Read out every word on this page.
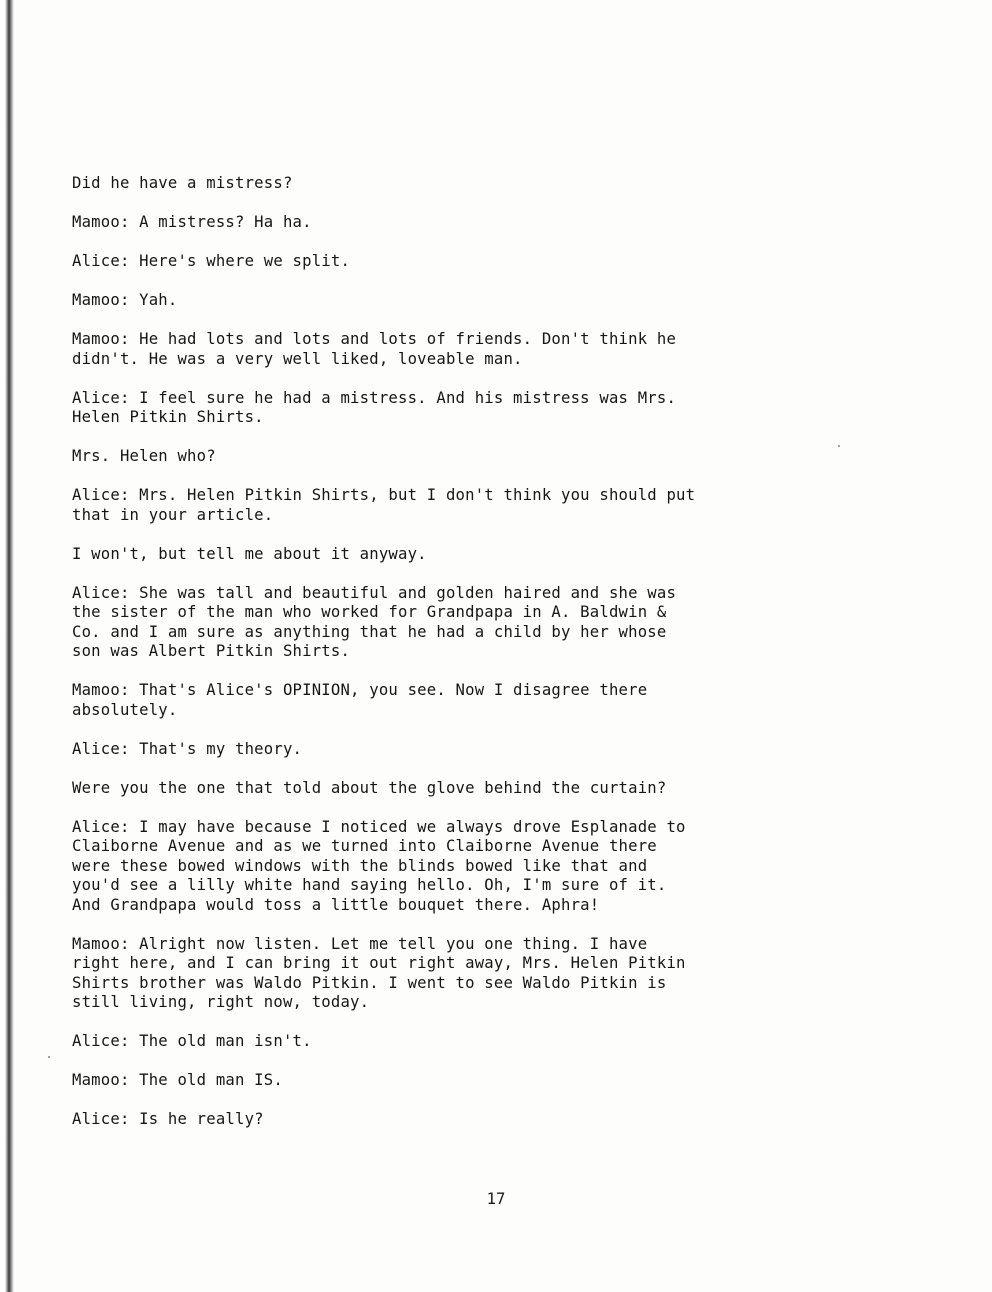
Did he have a mistress?

Mamoo: A mistress? Ha ha.

Alice: Here's where we split.

Mamoo: Yah.

Mamoo: He had lots and lots and lots of friends. Don't think he
didn't. He was a very well liked, loveable man.

Alice: I feel sure he had a mistress. And his mistress was Mrs.
Helen Pitkin Shirts.

Mrs. Helen who?

Alice: Mrs. Helen Pitkin Shirts, but I don't think you should put
that in your article.

I won't, but tell me about it anyway.

Alice: She was tall and beautiful and golden haired and she was
the sister of the man who worked for Grandpapa in A. Baldwin &
Co. and I am sure as anything that he had a child by her whose
son was Albert Pitkin Shirts.

Mamoo: That's Alice's OPINION, you see. Now I disagree there
absolutely.

Alice: That's my theory.

Were you the one that told about the glove behind the curtain?

Alice: I may have because I noticed we always drove Esplanade to
Claiborne Avenue and as we turned into Claiborne Avenue there
were these bowed windows with the blinds bowed like that and
you'd see a lilly white hand saying hello. Oh, I'm sure of it.
And Grandpapa would toss a little bouquet there. Aphra!

Mamoo: Alright now listen. Let me tell you one thing. I have
right here, and I can bring it out right away, Mrs. Helen Pitkin
Shirts brother was Waldo Pitkin. I went to see Waldo Pitkin is
still living, right now, today.

Alice: The old man isn't.

Mamoo: The old man IS.

Alice: Is he really?

17
